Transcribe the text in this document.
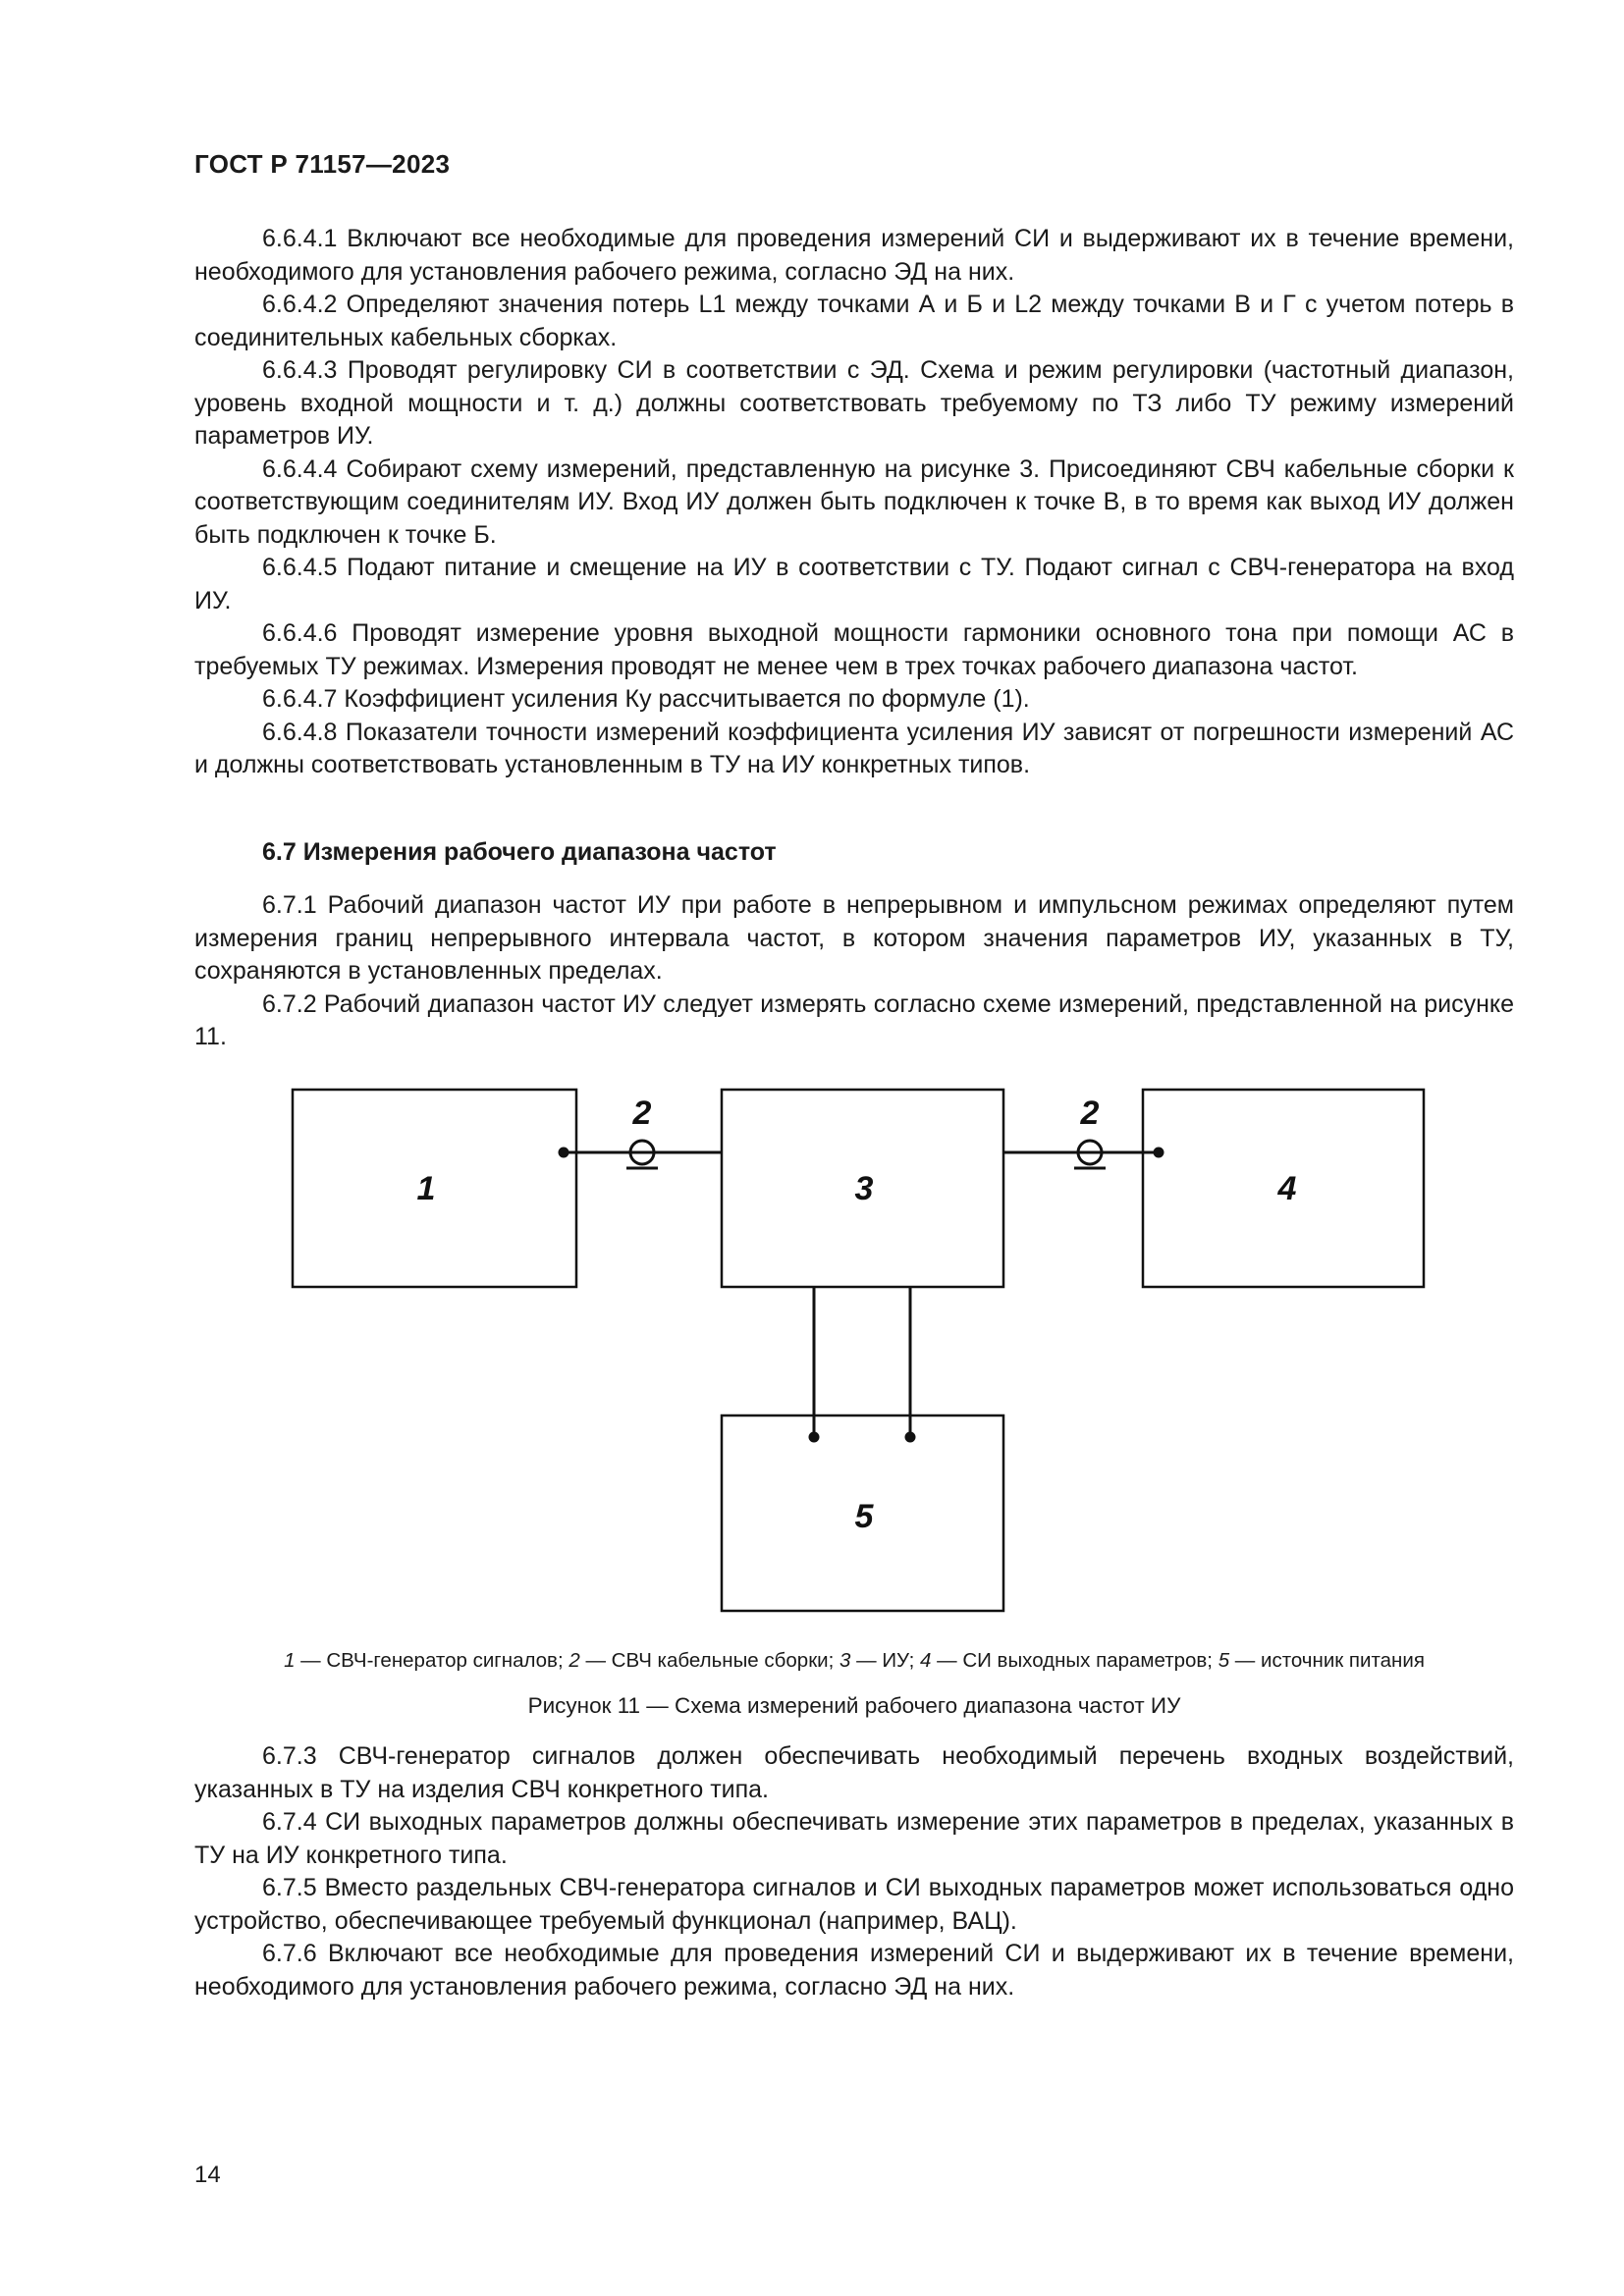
ГОСТ Р 71157—2023

6.6.4.1 Включают все необходимые для проведения измерений СИ и выдерживают их в течение времени, необходимого для установления рабочего режима, согласно ЭД на них.

6.6.4.2 Определяют значения потерь L1 между точками А и Б и L2 между точками В и Г с учетом потерь в соединительных кабельных сборках.

6.6.4.3 Проводят регулировку СИ в соответствии с ЭД. Схема и режим регулировки (частотный диапазон, уровень входной мощности и т. д.) должны соответствовать требуемому по ТЗ либо ТУ режиму измерений параметров ИУ.

6.6.4.4 Собирают схему измерений, представленную на рисунке 3. Присоединяют СВЧ кабельные сборки к соответствующим соединителям ИУ. Вход ИУ должен быть подключен к точке В, в то время как выход ИУ должен быть подключен к точке Б.

6.6.4.5 Подают питание и смещение на ИУ в соответствии с ТУ. Подают сигнал с СВЧ-генератора на вход ИУ.

6.6.4.6 Проводят измерение уровня выходной мощности гармоники основного тона при помощи АС в требуемых ТУ режимах. Измерения проводят не менее чем в трех точках рабочего диапазона частот.

6.6.4.7 Коэффициент усиления Ку рассчитывается по формуле (1).

6.6.4.8 Показатели точности измерений коэффициента усиления ИУ зависят от погрешности измерений АС и должны соответствовать установленным в ТУ на ИУ конкретных типов.

6.7 Измерения рабочего диапазона частот

6.7.1 Рабочий диапазон частот ИУ при работе в непрерывном и импульсном режимах определяют путем измерения границ непрерывного интервала частот, в котором значения параметров ИУ, указанных в ТУ, сохраняются в установленных пределах.

6.7.2 Рабочий диапазон частот ИУ следует измерять согласно схеме измерений, представленной на рисунке 11.

1	3	4
5
2	2
1 — СВЧ-генератор сигналов; 2 — СВЧ кабельные сборки; 3 — ИУ; 4 — СИ выходных параметров; 5 — источник питания
Рисунок 11 — Схема измерений рабочего диапазона частот ИУ

6.7.3 СВЧ-генератор сигналов должен обеспечивать необходимый перечень входных воздействий, указанных в ТУ на изделия СВЧ конкретного типа.

6.7.4 СИ выходных параметров должны обеспечивать измерение этих параметров в пределах, указанных в ТУ на ИУ конкретного типа.

6.7.5 Вместо раздельных СВЧ-генератора сигналов и СИ выходных параметров может использоваться одно устройство, обеспечивающее требуемый функционал (например, ВАЦ).

6.7.6 Включают все необходимые для проведения измерений СИ и выдерживают их в течение времени, необходимого для установления рабочего режима, согласно ЭД на них.

14
